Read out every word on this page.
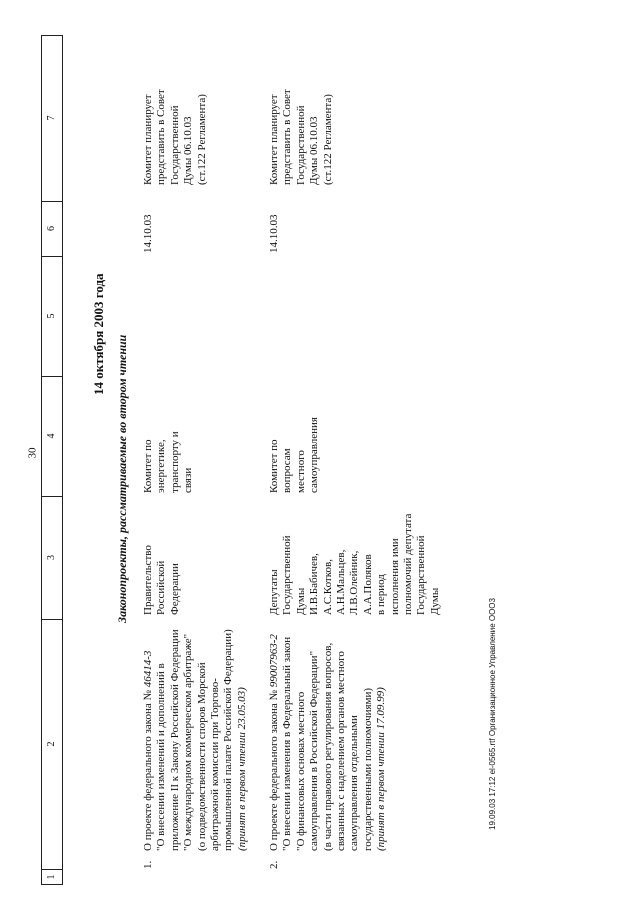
30
1
2
3
4
5
6
7
14 октября 2003 года
Законопроекты, рассматриваемые во втором чтении
1.
О проекте федерального закона № 46414-3 "О внесении изменений и дополнений в приложение II к Закону Российской Федерации "О международном коммерческом арбитраже" (о подведомственности споров Морской арбитражной комиссии при Торгово- промышленной палате Российской Федерации) (принят в первом чтении 23.05.03)
Правительство Российской Федерации
Комитет по энергетике, транспорту и связи
14.10.03
Комитет планирует представить в Совет Государственной Думы 06.10.03 (ст.122 Регламента)
2.
О проекте федерального закона № 99007963-2 "О внесении изменения в Федеральный закон "О финансовых основах местного самоуправления в Российской Федерации" (в части правового регулирования вопросов, связанных с наделением органов местного самоуправления отдельными государственными полномочиями) (принят в первом чтении 17.09.99)
Депутаты Государственной Думы И.В.Бабичев, А.С.Котков, А.Н.Мальцев, Л.В.Олейник, А.А.Поляков в период исполнения ими полномочий депутата Государственной Думы
Комитет по вопросам местного самоуправления
14.10.03
Комитет планирует представить в Совет Государственной Думы 06.10.03 (ст.122 Регламента)
19.09.03 17:12 el-0565.rtf Организационное Управление ООО3
